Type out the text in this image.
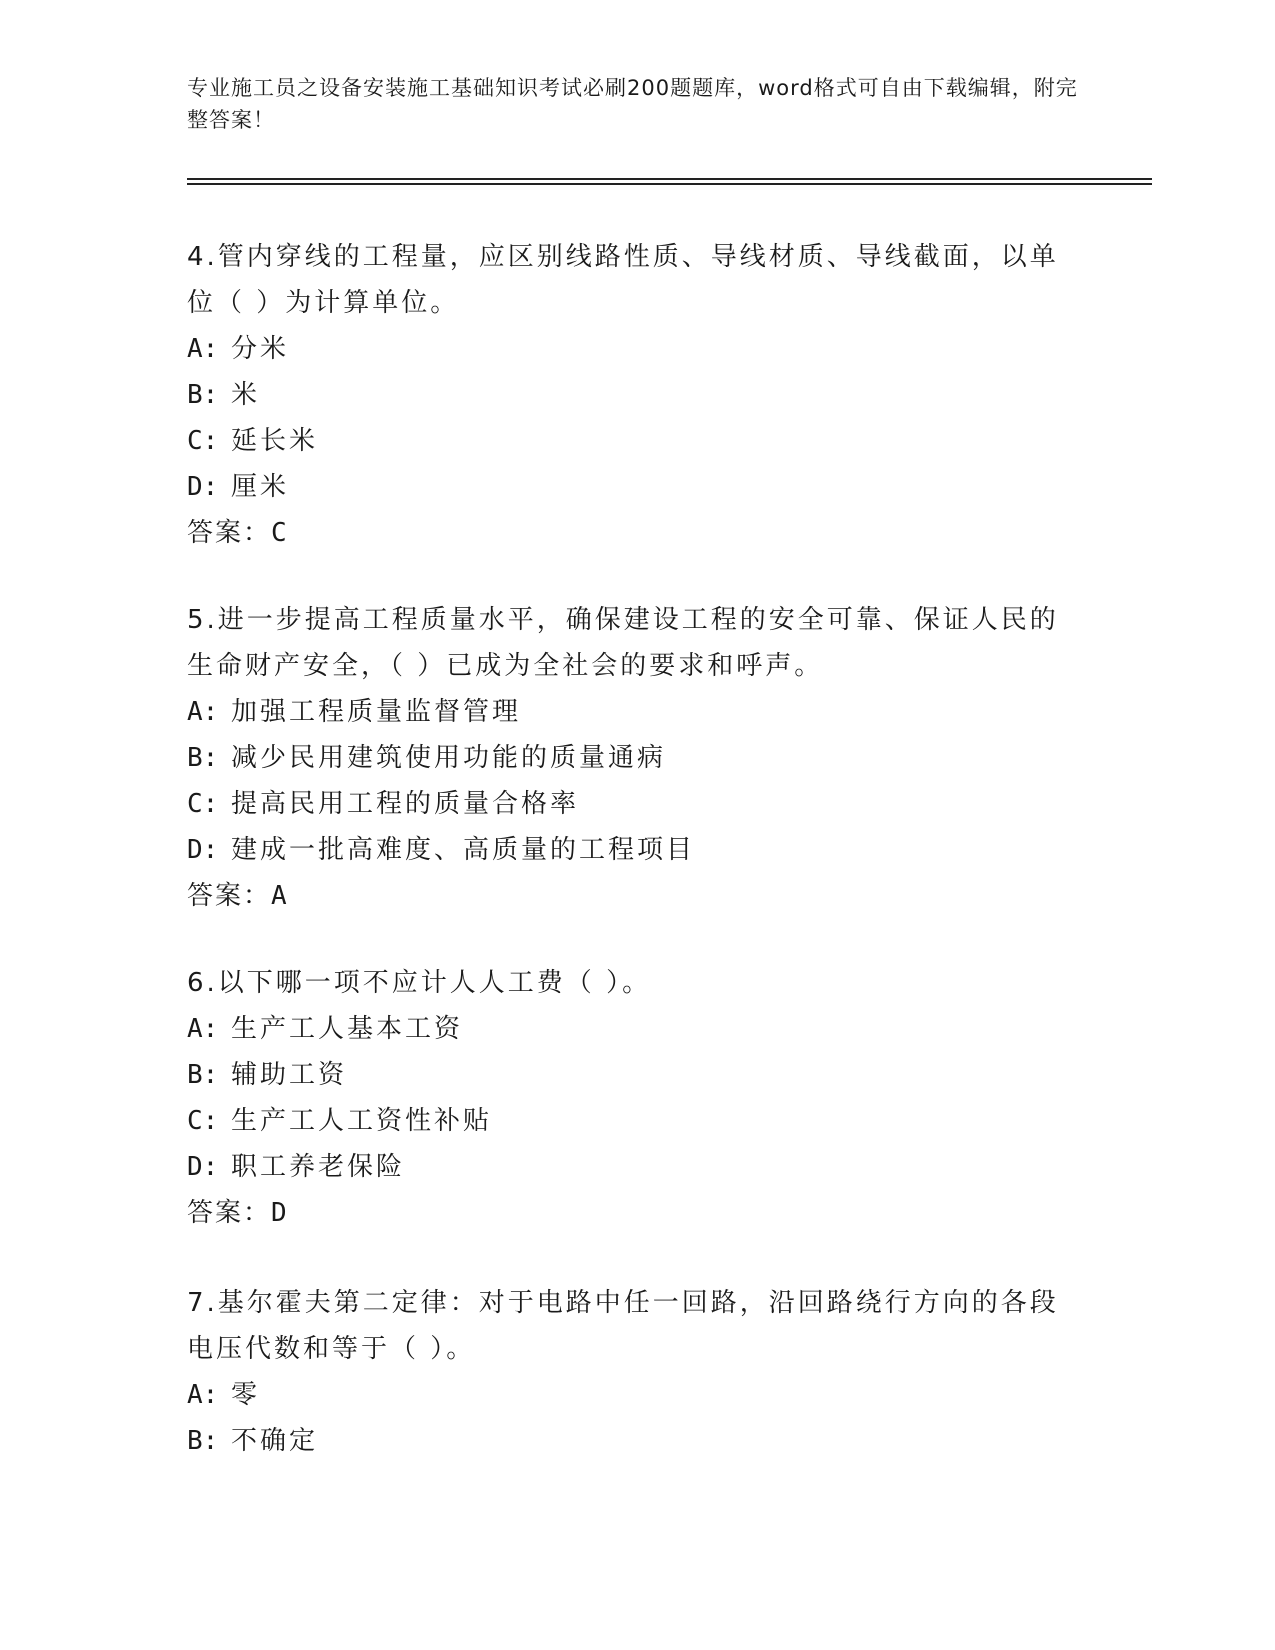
专业施工员之设备安装施工基础知识考试必刷200题题库，word格式可自由下载编辑，附完整答案！

4.管内穿线的工程量，应区别线路性质、导线材质、导线截面，以单位（ ）为计算单位。

A: 分米
B: 米
C: 延长米
D: 厘米
答案： C

5.进一步提高工程质量水平，确保建设工程的安全可靠、保证人民的生命财产安全，（ ）已成为全社会的要求和呼声。

A: 加强工程质量监督管理
B: 减少民用建筑使用功能的质量通病
C: 提高民用工程的质量合格率
D: 建成一批高难度、高质量的工程项目
答案： A

6.以下哪一项不应计人人工费（ ）。

A: 生产工人基本工资
B: 辅助工资
C: 生产工人工资性补贴
D: 职工养老保险
答案： D

7.基尔霍夫第二定律：对于电路中任一回路，沿回路绕行方向的各段电压代数和等于（ ）。

A: 零
B: 不确定
